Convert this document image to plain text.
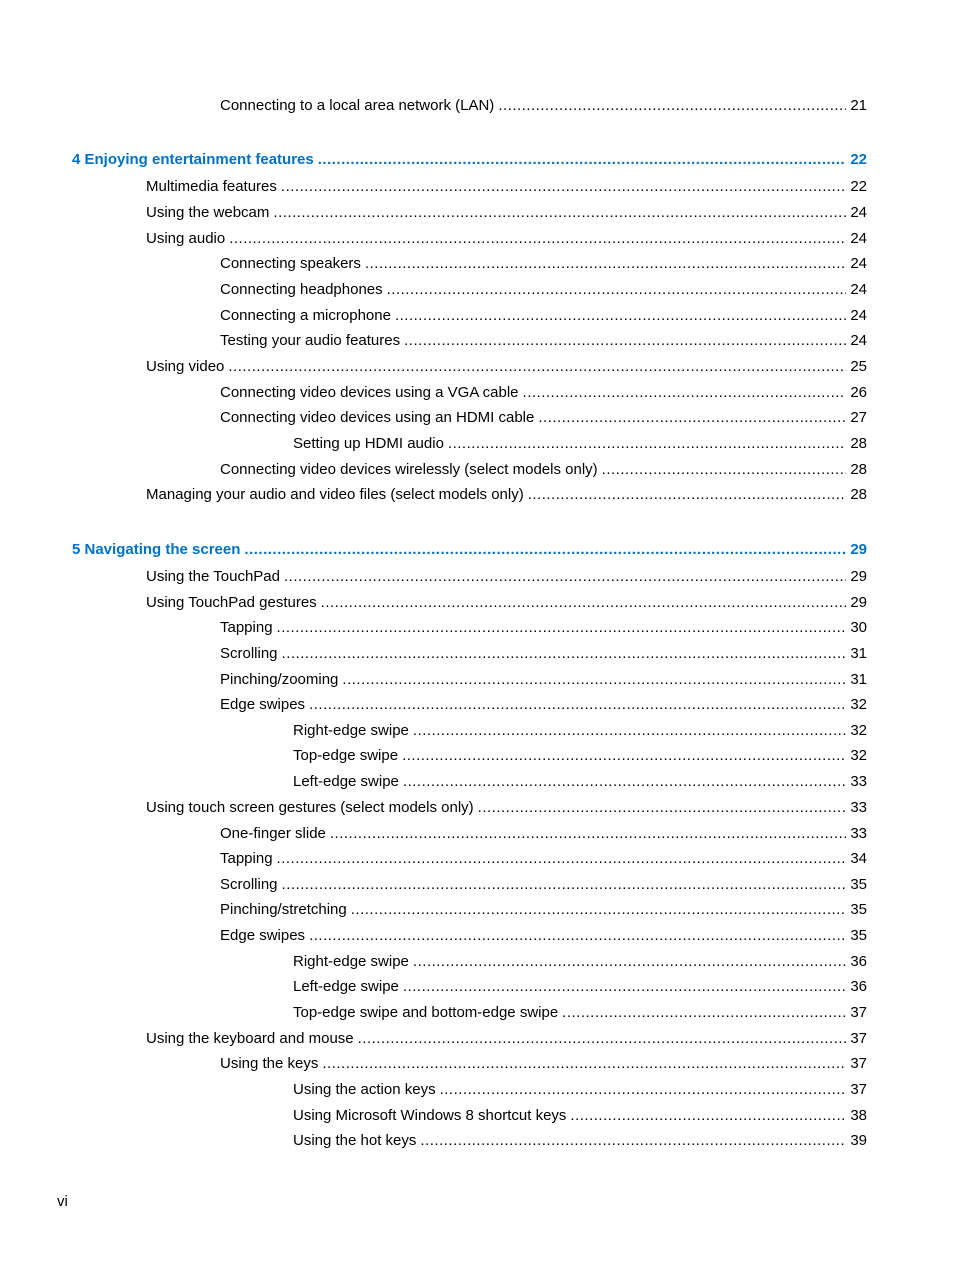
Connecting to a local area network (LAN) .....	21
4 Enjoying entertainment features .....	22
Multimedia features .....	22
Using the webcam .....	24
Using audio .....	24
Connecting speakers .....	24
Connecting headphones .....	24
Connecting a microphone .....	24
Testing your audio features .....	24
Using video .....	25
Connecting video devices using a VGA cable .....	26
Connecting video devices using an HDMI cable .....	27
Setting up HDMI audio .....	28
Connecting video devices wirelessly (select models only) .....	28
Managing your audio and video files (select models only) .....	28
5 Navigating the screen .....	29
Using the TouchPad .....	29
Using TouchPad gestures .....	29
Tapping .....	30
Scrolling .....	31
Pinching/zooming .....	31
Edge swipes .....	32
Right-edge swipe .....	32
Top-edge swipe .....	32
Left-edge swipe .....	33
Using touch screen gestures (select models only) .....	33
One-finger slide .....	33
Tapping .....	34
Scrolling .....	35
Pinching/stretching .....	35
Edge swipes .....	35
Right-edge swipe .....	36
Left-edge swipe .....	36
Top-edge swipe and bottom-edge swipe .....	37
Using the keyboard and mouse .....	37
Using the keys .....	37
Using the action keys .....	37
Using Microsoft Windows 8 shortcut keys .....	38
Using the hot keys .....	39
vi
